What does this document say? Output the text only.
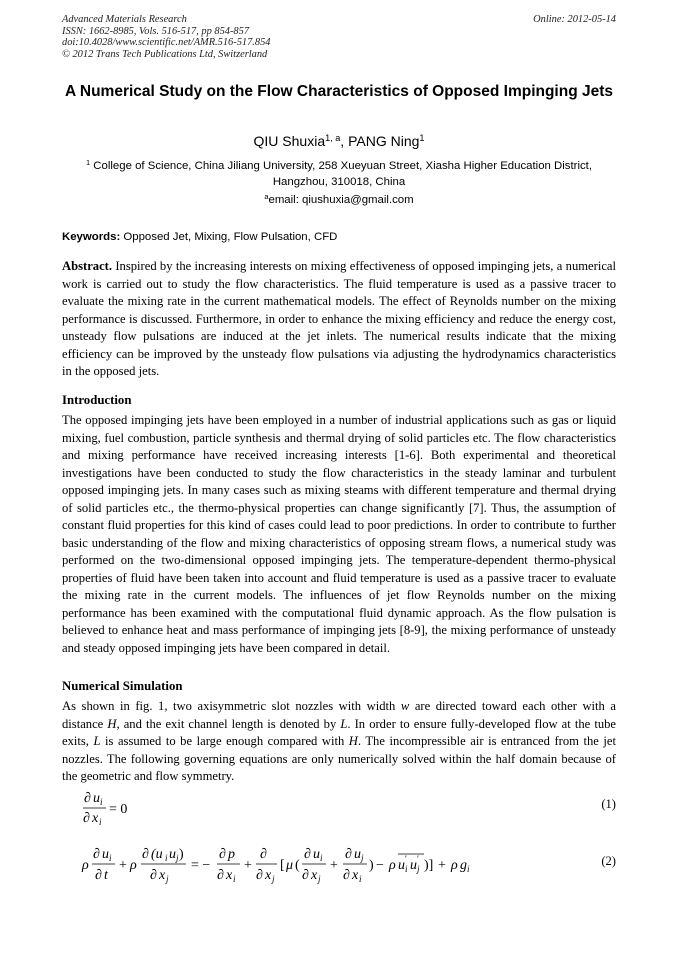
Advanced Materials Research
ISSN: 1662-8985, Vols. 516-517, pp 854-857
doi:10.4028/www.scientific.net/AMR.516-517.854
© 2012 Trans Tech Publications Ltd, Switzerland
Online: 2012-05-14
A Numerical Study on the Flow Characteristics of Opposed Impinging Jets
QIU Shuxia$^{1, a}$, PANG Ning$^1$
$^1$ College of Science, China Jiliang University, 258 Xueyuan Street, Xiasha Higher Education District, Hangzhou, 310018, China
$^a$email: qiushuxia@gmail.com
Keywords: Opposed Jet, Mixing, Flow Pulsation, CFD
Abstract. Inspired by the increasing interests on mixing effectiveness of opposed impinging jets, a numerical work is carried out to study the flow characteristics. The fluid temperature is used as a passive tracer to evaluate the mixing rate in the current mathematical models. The effect of Reynolds number on the mixing performance is discussed. Furthermore, in order to enhance the mixing efficiency and reduce the energy cost, unsteady flow pulsations are induced at the jet inlets. The numerical results indicate that the mixing efficiency can be improved by the unsteady flow pulsations via adjusting the hydrodynamics characteristics in the opposed jets.
Introduction
The opposed impinging jets have been employed in a number of industrial applications such as gas or liquid mixing, fuel combustion, particle synthesis and thermal drying of solid particles etc. The flow characteristics and mixing performance have received increasing interests [1-6]. Both experimental and theoretical investigations have been conducted to study the flow characteristics in the steady laminar and turbulent opposed impinging jets. In many cases such as mixing steams with different temperature and thermal drying of solid particles etc., the thermo-physical properties can change significantly [7]. Thus, the assumption of constant fluid properties for this kind of cases could lead to poor predictions. In order to contribute to further basic understanding of the flow and mixing characteristics of opposing stream flows, a numerical study was performed on the two-dimensional opposed impinging jets. The temperature-dependent thermo-physical properties of fluid have been taken into account and fluid temperature is used as a passive tracer to evaluate the mixing rate in the current models. The influences of jet flow Reynolds number on the mixing performance has been examined with the computational fluid dynamic approach. As the flow pulsation is believed to enhance heat and mass performance of impinging jets [8-9], the mixing performance of unsteady and steady opposed impinging jets have been compared in detail.
Numerical Simulation
As shown in fig. 1, two axisymmetric slot nozzles with width w are directed toward each other with a distance H, and the exit channel length is denoted by L. In order to ensure fully-developed flow at the tube exits, L is assumed to be large enough compared with H. The incompressible air is entranced from the jet nozzles. The following governing equations are only numerically solved within the half domain because of the geometric and flow symmetry.
∂ u i
∂ x i
= 0	(1)
ρ
∂ u i
∂ t
+ ρ
∂ (u i u j )
∂ x j
= −
∂ p
∂ x i
+
∂
∂ x j
[ μ (
∂ u i
∂ x j
+
∂ u j
∂ x i
) − ρ u i
′ u j
′ )] + ρ g i
(2)
